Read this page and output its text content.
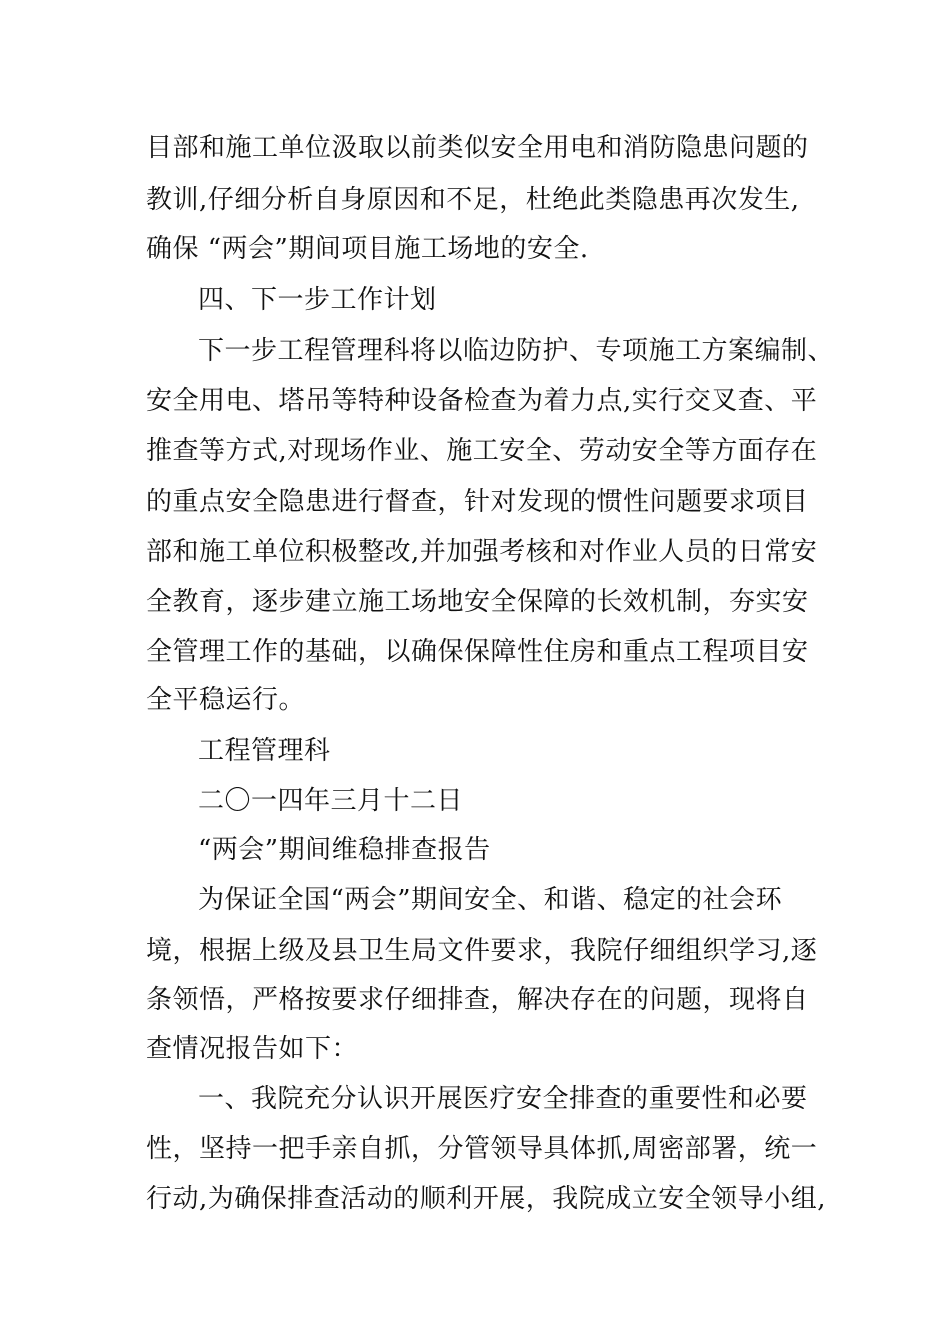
目部和施工单位汲取以前类似安全用电和消防隐患问题的
教训,仔细分析自身原因和不足，杜绝此类隐患再次发生,
确保 “两会”期间项目施工场地的安全.
四、下一步工作计划
下一步工程管理科将以临边防护、专项施工方案编制、
安全用电、塔吊等特种设备检查为着力点,实行交叉查、平
推查等方式,对现场作业、施工安全、劳动安全等方面存在
的重点安全隐患进行督查，针对发现的惯性问题要求项目
部和施工单位积极整改,并加强考核和对作业人员的日常安
全教育，逐步建立施工场地安全保障的长效机制，夯实安
全管理工作的基础，以确保保障性住房和重点工程项目安
全平稳运行。
工程管理科
二〇一四年三月十二日
“两会”期间维稳排查报告
为保证全国“两会”期间安全、和谐、稳定的社会环
境，根据上级及县卫生局文件要求，我院仔细组织学习,逐
条领悟，严格按要求仔细排查，解决存在的问题，现将自
查情况报告如下：
一、我院充分认识开展医疗安全排查的重要性和必要
性，坚持一把手亲自抓，分管领导具体抓,周密部署，统一
行动,为确保排查活动的顺利开展，我院成立安全领导小组,
